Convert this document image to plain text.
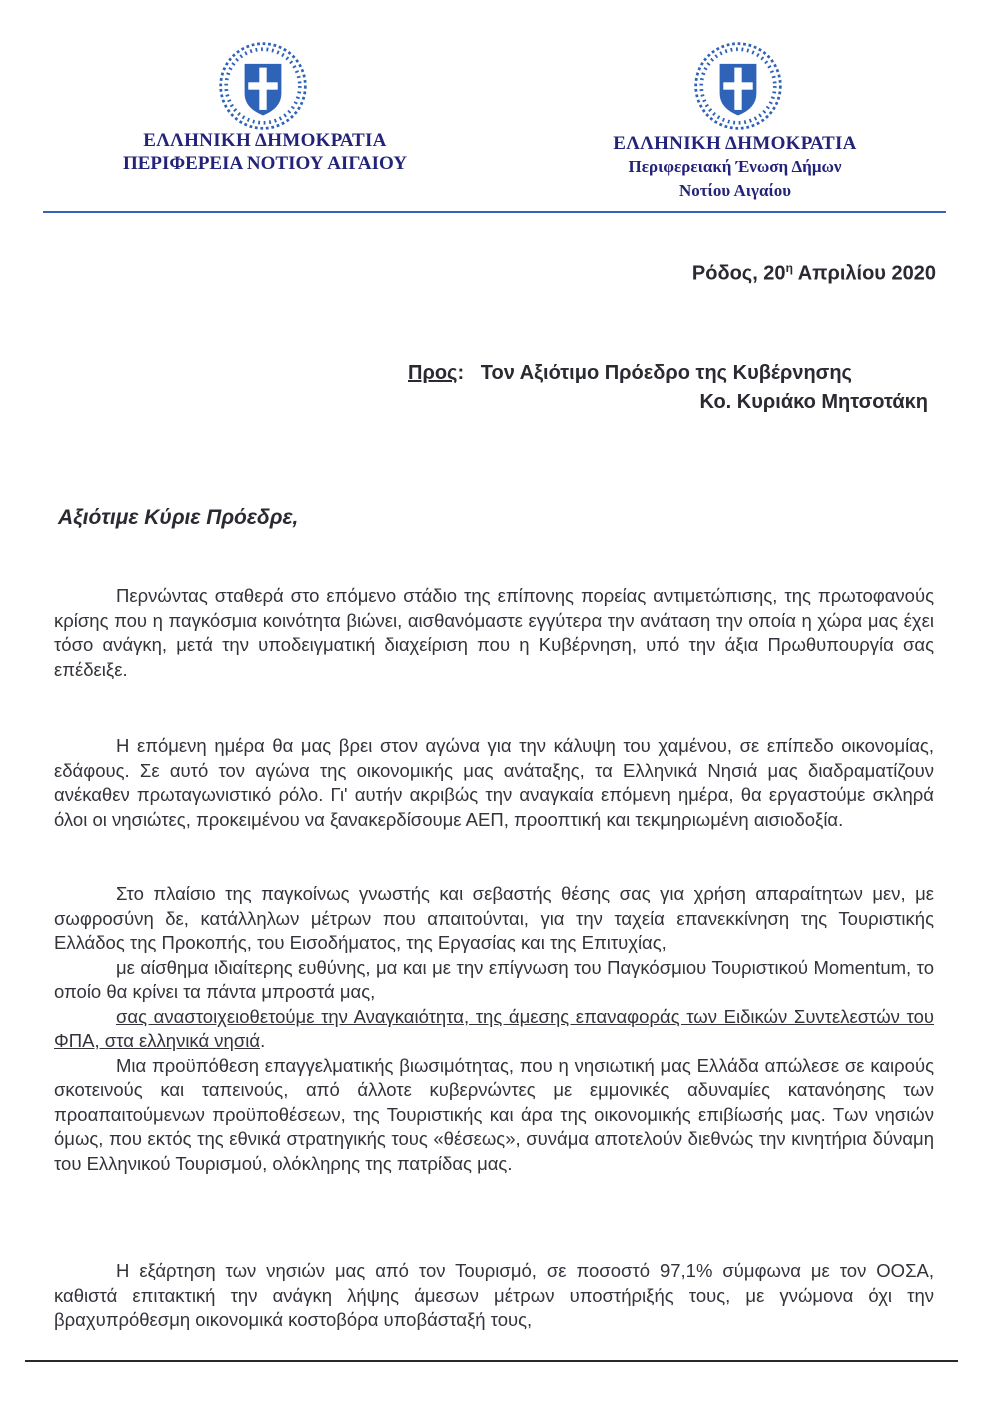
ΕΛΛΗΝΙΚΗ ΔΗΜΟΚΡΑΤΙΑ
ΠΕΡΙΦΕΡΕΙΑ ΝΟΤΙΟΥ ΑΙΓΑΙΟΥ
ΕΛΛΗΝΙΚΗ ΔΗΜΟΚΡΑΤΙΑ
Περιφερειακή Ένωση Δήμων
Νοτίου Αιγαίου
Ρόδος, $20^\eta$ Απριλίου 2020
Προς: Τον Αξιότιμο Πρόεδρο της Κυβέρνησης
Κο. Κυριάκο Μητσοτάκη
Αξιότιμε Κύριε Πρόεδρε,
Περνώντας σταθερά στο επόμενο στάδιο της επίπονης πορείας αντιμετώπισης, της πρωτοφανούς κρίσης που η παγκόσμια κοινότητα βιώνει, αισθανόμαστε εγγύτερα την ανάταση την οποία η χώρα μας έχει τόσο ανάγκη, μετά την υποδειγματική διαχείριση που η Κυβέρνηση, υπό την άξια Πρωθυπουργία σας επέδειξε.
Η επόμενη ημέρα θα μας βρει στον αγώνα για την κάλυψη του χαμένου, σε επίπεδο οικονομίας, εδάφους. Σε αυτό τον αγώνα της οικονομικής μας ανάταξης, τα Ελληνικά Νησιά μας διαδραματίζουν ανέκαθεν πρωταγωνιστικό ρόλο. Γι' αυτήν ακριβώς την αναγκαία επόμενη ημέρα, θα εργαστούμε σκληρά όλοι οι νησιώτες, προκειμένου να ξανακερδίσουμε ΑΕΠ, προοπτική και τεκμηριωμένη αισιοδοξία.
Στο πλαίσιο της παγκοίνως γνωστής και σεβαστής θέσης σας για χρήση απαραίτητων μεν, με σωφροσύνη δε, κατάλληλων μέτρων που απαιτούνται, για την ταχεία επανεκκίνηση της Τουριστικής Ελλάδος της Προκοπής, του Εισοδήματος, της Εργασίας και της Επιτυχίας,
με αίσθημα ιδιαίτερης ευθύνης, μα και με την επίγνωση του Παγκόσμιου Τουριστικού Momentum, το οποίο θα κρίνει τα πάντα μπροστά μας,
σας αναστοιχειοθετούμε την Αναγκαιότητα, της άμεσης επαναφοράς των Ειδικών Συντελεστών του ΦΠΑ, στα ελληνικά νησιά.
Μια προϋπόθεση επαγγελματικής βιωσιμότητας, που η νησιωτική μας Ελλάδα απώλεσε σε καιρούς σκοτεινούς και ταπεινούς, από άλλοτε κυβερνώντες με εμμονικές αδυναμίες κατανόησης των προαπαιτούμενων προϋποθέσεων, της Τουριστικής και άρα της οικονομικής επιβίωσής μας. Των νησιών όμως, που εκτός της εθνικά στρατηγικής τους «θέσεως», συνάμα αποτελούν διεθνώς την κινητήρια δύναμη του Ελληνικού Τουρισμού, ολόκληρης της πατρίδας μας.
Η εξάρτηση των νησιών μας από τον Τουρισμό, σε ποσοστό 97,1% σύμφωνα με τον ΟΟΣΑ, καθιστά επιτακτική την ανάγκη λήψης άμεσων μέτρων υποστήριξής τους, με γνώμονα όχι την βραχυπρόθεσμη οικονομικά κοστοβόρα υποβάσταξή τους,
